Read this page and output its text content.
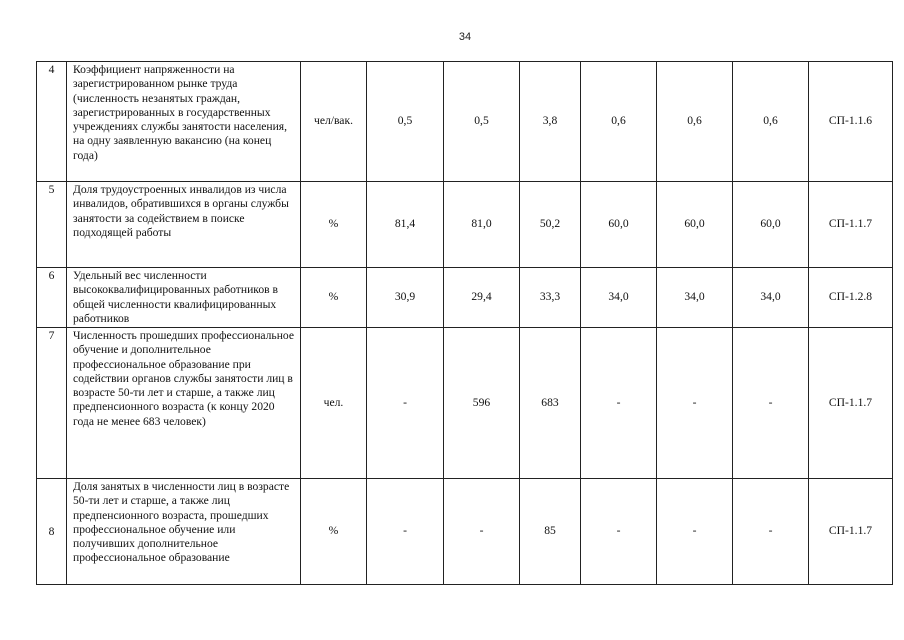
34
4	Коэффициент напряженности на зарегистрированном рынке труда (численность незанятых граждан, зарегистрированных в государственных учреждениях службы занятости населения, на одну заявленную вакансию (на конец года)	чел/вак.	0,5	0,5	3,8	0,6	0,6	0,6	СП-1.1.6
5	Доля трудоустроенных инвалидов из числа инвалидов, обратившихся в органы службы занятости за содействием в поиске подходящей работы	%	81,4	81,0	50,2	60,0	60,0	60,0	СП-1.1.7
6	Удельный вес численности высококвалифицированных работников в общей численности квалифицированных работников	%	30,9	29,4	33,3	34,0	34,0	34,0	СП-1.2.8
7	Численность прошедших профессиональное обучение и дополнительное профессиональное образование при содействии органов службы занятости лиц в возрасте 50-ти лет и старше, а также лиц предпенсионного возраста (к концу 2020 года не менее 683 человек)	чел.	-	596	683	-	-	-	СП-1.1.7
8	Доля занятых в численности лиц в возрасте 50-ти лет и старше, а также лиц предпенсионного возраста, прошедших профессиональное обучение или получивших дополнительное профессиональное образование	%	-	-	85	-	-	-	СП-1.1.7
